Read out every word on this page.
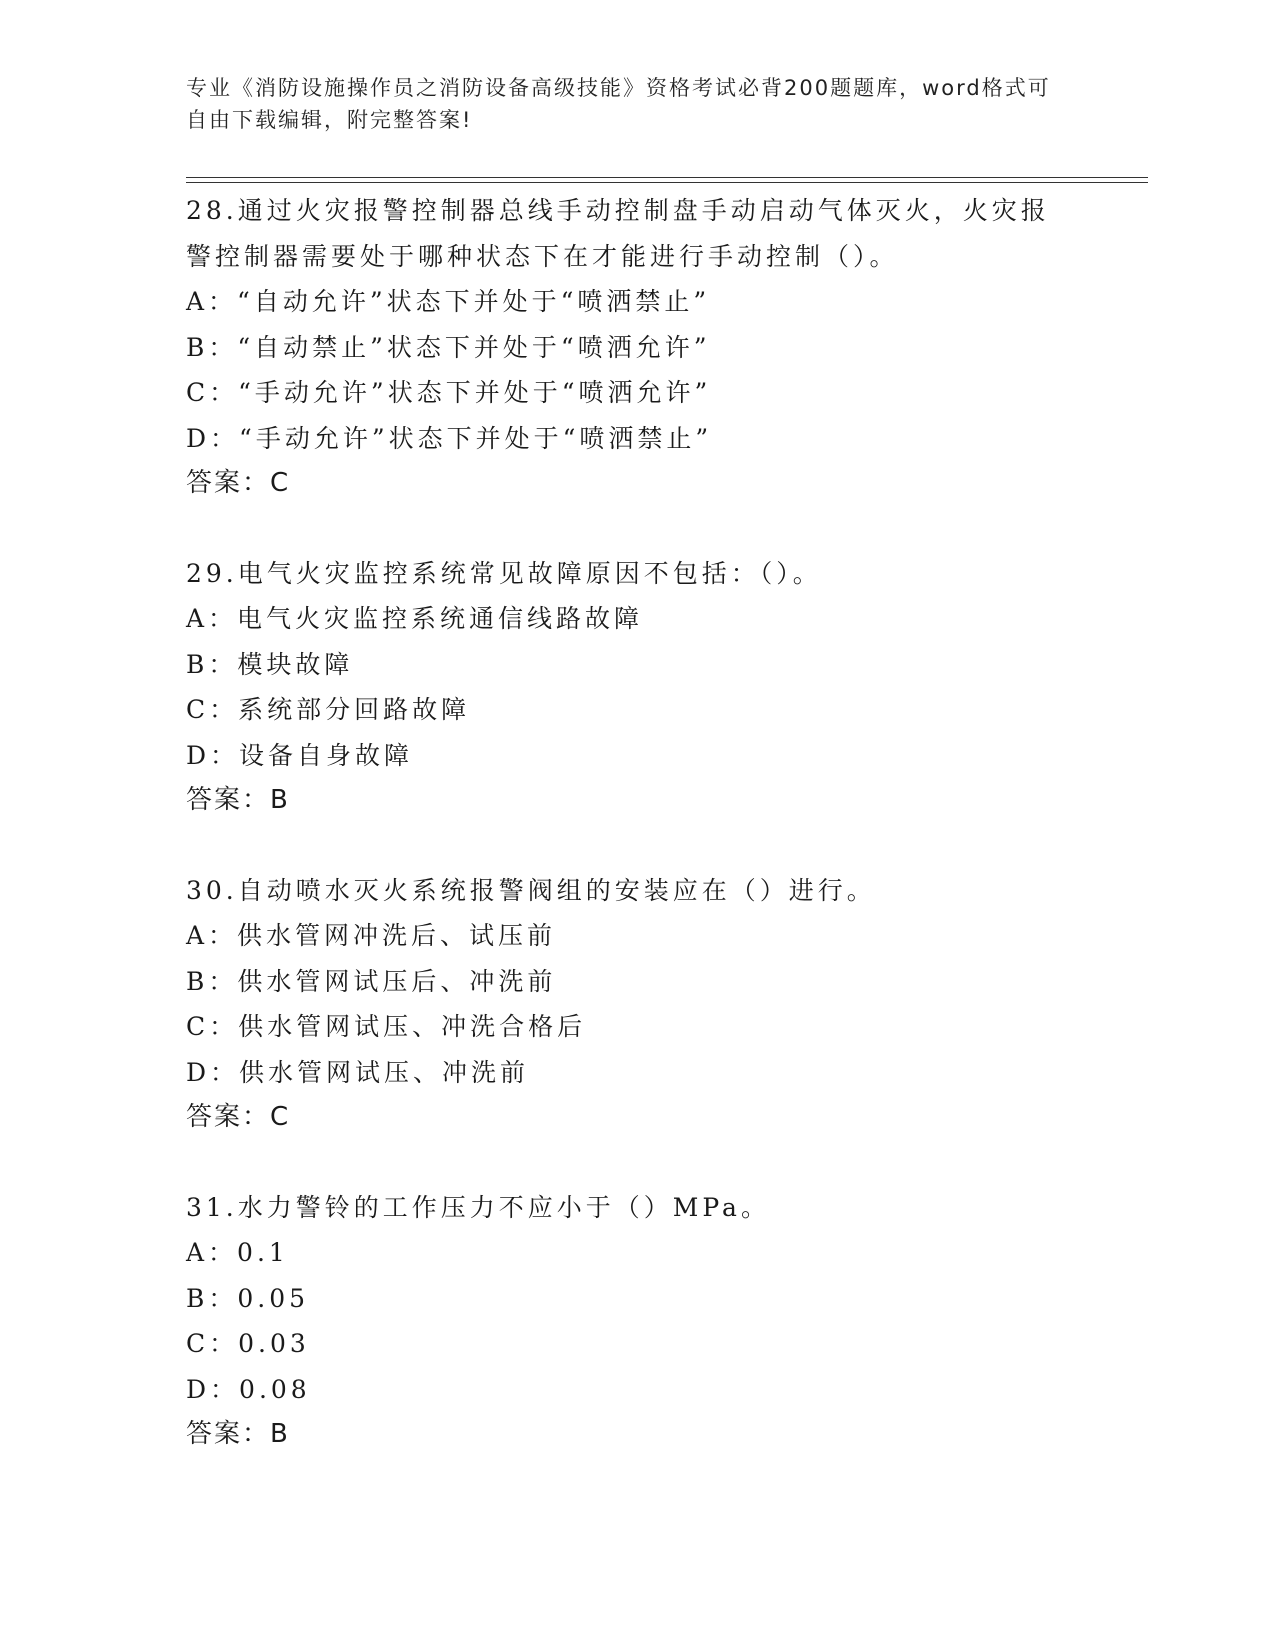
专业《消防设施操作员之消防设备高级技能》资格考试必背200题题库，word格式可自由下载编辑，附完整答案!
28.通过火灾报警控制器总线手动控制盘手动启动气体灭火，火灾报警控制器需要处于哪种状态下在才能进行手动控制（）。
A：“自动允许”状态下并处于“喷洒禁止”
B：“自动禁止”状态下并处于“喷洒允许”
C：“手动允许”状态下并处于“喷洒允许”
D：“手动允许”状态下并处于“喷洒禁止”
答案：C
29.电气火灾监控系统常见故障原因不包括：（）。
A：电气火灾监控系统通信线路故障
B：模块故障
C：系统部分回路故障
D：设备自身故障
答案：B
30.自动喷水灭火系统报警阀组的安装应在（）进行。
A：供水管网冲洗后、试压前
B：供水管网试压后、冲洗前
C：供水管网试压、冲洗合格后
D：供水管网试压、冲洗前
答案：C
31.水力警铃的工作压力不应小于（）MPa。
A：0.1
B：0.05
C：0.03
D：0.08
答案：B
